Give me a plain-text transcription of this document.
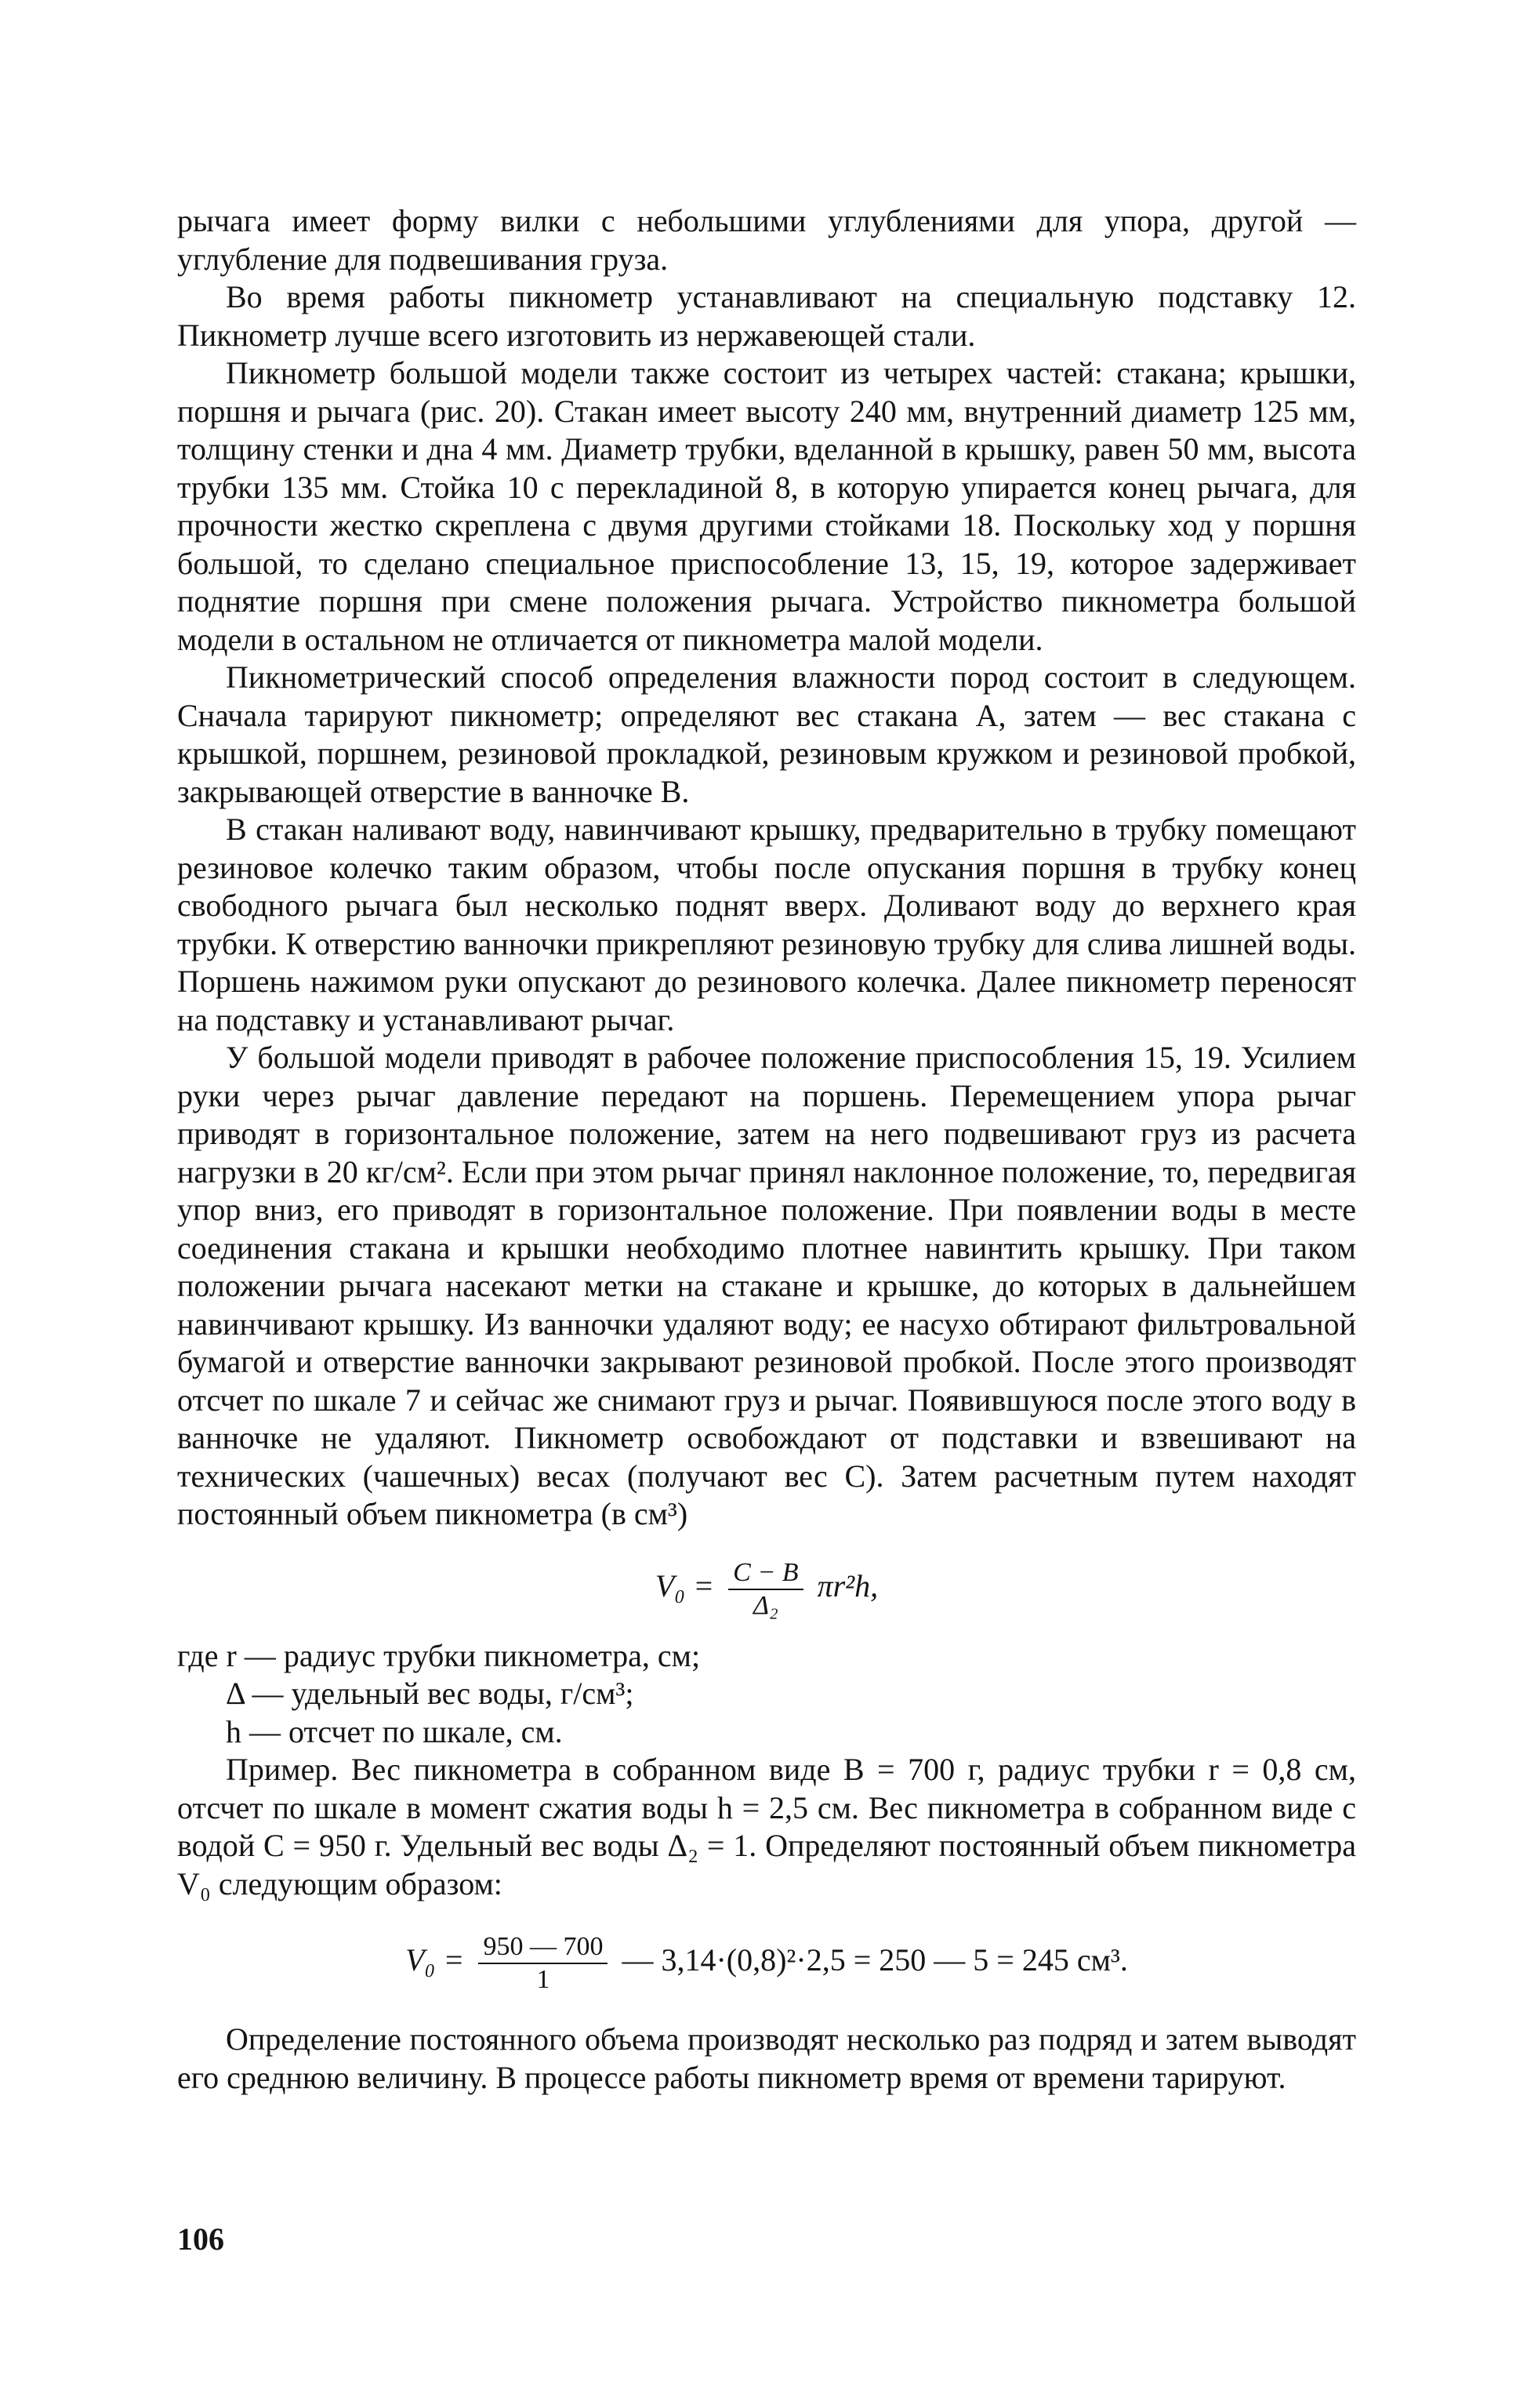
рычага имеет форму вилки с небольшими углублениями для упора, другой — углубление для подвешивания груза.

Во время работы пикнометр устанавливают на специальную подставку 12. Пикнометр лучше всего изготовить из нержавеющей стали.

Пикнометр большой модели также состоит из четырех частей: стакана; крышки, поршня и рычага (рис. 20). Стакан имеет высоту 240 мм, внутренний диаметр 125 мм, толщину стенки и дна 4 мм. Диаметр трубки, вделанной в крышку, равен 50 мм, высота трубки 135 мм. Стойка 10 с перекладиной 8, в которую упирается конец рычага, для прочности жестко скреплена с двумя другими стойками 18. Поскольку ход у поршня большой, то сделано специальное приспособление 13, 15, 19, которое задерживает поднятие поршня при смене положения рычага. Устройство пикнометра большой модели в остальном не отличается от пикнометра малой модели.

Пикнометрический способ определения влажности пород состоит в следующем. Сначала тарируют пикнометр; определяют вес стакана A, затем — вес стакана с крышкой, поршнем, резиновой прокладкой, резиновым кружком и резиновой пробкой, закрывающей отверстие в ванночке B.

В стакан наливают воду, навинчивают крышку, предварительно в трубку помещают резиновое колечко таким образом, чтобы после опускания поршня в трубку конец свободного рычага был несколько поднят вверх. Доливают воду до верхнего края трубки. К отверстию ванночки прикрепляют резиновую трубку для слива лишней воды. Поршень нажимом руки опускают до резинового колечка. Далее пикнометр переносят на подставку и устанавливают рычаг.

У большой модели приводят в рабочее положение приспособления 15, 19. Усилием руки через рычаг давление передают на поршень. Перемещением упора рычаг приводят в горизонтальное положение, затем на него подвешивают груз из расчета нагрузки в 20 кг/см². Если при этом рычаг принял наклонное положение, то, передвигая упор вниз, его приводят в горизонтальное положение. При появлении воды в месте соединения стакана и крышки необходимо плотнее навинтить крышку. При таком положении рычага насекают метки на стакане и крышке, до которых в дальнейшем навинчивают крышку. Из ванночки удаляют воду; ее насухо обтирают фильтровальной бумагой и отверстие ванночки закрывают резиновой пробкой. После этого производят отсчет по шкале 7 и сейчас же снимают груз и рычаг. Появившуюся после этого воду в ванночке не удаляют. Пикнометр освобождают от подставки и взвешивают на технических (чашечных) весах (получают вес C). Затем расчетным путем находят постоянный объем пикнометра (в см³)

$V_0 = \frac{C - B}{\text{Δ₂}} \pi r^2h$,
где r — радиус трубки пикнометра, см;
Δ — удельный вес воды, г/см³;
h — отсчет по шкале, см.

Пример. Вес пикнометра в собранном виде B = 700 г, радиус трубки r = 0,8 см, отсчет по шкале в момент сжатия воды h = 2,5 см. Вес пикнометра в собранном виде с водой C = 950 г. Удельный вес воды Δ₂ = 1. Определяют постоянный объем пикнометра V₀ следующим образом:

$V_0 = \frac{950 — 700}{1}$ — 3,14·(0,8)²·2,5 = 250 — 5 = 245 см³.

Определение постоянного объема производят несколько раз подряд и затем выводят его среднюю величину. В процессе работы пикнометр время от времени тарируют.

106
